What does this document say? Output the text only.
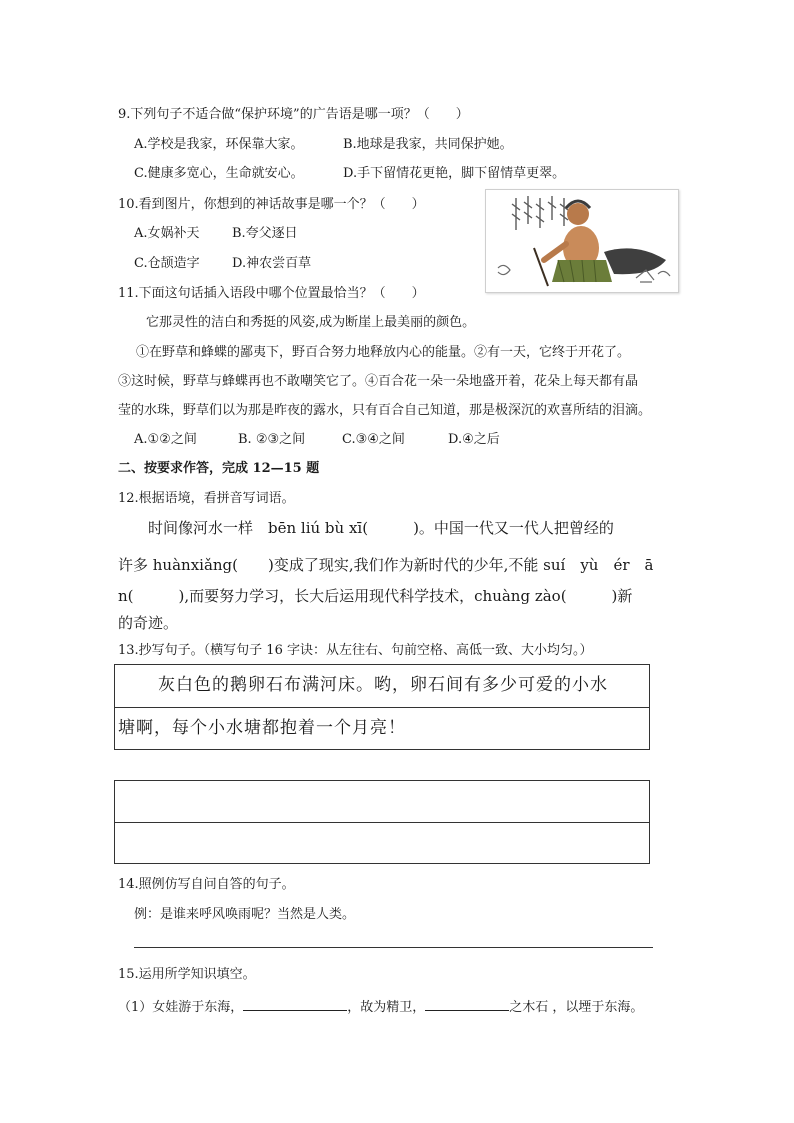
9.下列句子不适合做“保护环境”的广告语是哪一项？（　　）
A.学校是我家，环保靠大家。	B.地球是我家，共同保护她。
C.健康多宽心，生命就安心。	D.手下留情花更艳，脚下留情草更翠。
10.看到图片，你想到的神话故事是哪一个？（　　）
A.女娲补天 B.夸父逐日
C.仓颉造字 D.神农尝百草
11.下面这句话插入语段中哪个位置最恰当？（　　）
它那灵性的洁白和秀挺的风姿,成为断崖上最美丽的颜色。
①在野草和蜂蝶的鄙夷下，野百合努力地释放内心的能量。②有一天，它终于开花了。
③这时候，野草与蜂蝶再也不敢嘲笑它了。④百合花一朵一朵地盛开着，花朵上每天都有晶
莹的水珠，野草们以为那是昨夜的露水，只有百合自己知道，那是极深沉的欢喜所结的泪滴。
A.①②之间	B. ②③之间	C.③④之间	D.④之后
二、按要求作答，完成 12—15 题
12.根据语境，看拼音写词语。
时间像河水一样　bēn liú bù xī(　　　)。中国一代又一代人把曾经的
许多 huànxiǎng(　　)变成了现实,我们作为新时代的少年,不能 suí　yù　ér　ā
n(　　　),而要努力学习，长大后运用现代科学技术，chuàng zào(　　　)新
的奇迹。
13.抄写句子。（横写句子 16 字诀：从左往右、句前空格、高低一致、大小均匀。）
灰白色的鹅卵石布满河床。哟，卵石间有多少可爱的小水
塘啊，每个小水塘都抱着一个月亮！
14.照例仿写自问自答的句子。
例：是谁来呼风唤雨呢？当然是人类。
15.运用所学知识填空。
（1）女娃游于东海，	，故为精卫，	之木石 ，以堙于东海。
